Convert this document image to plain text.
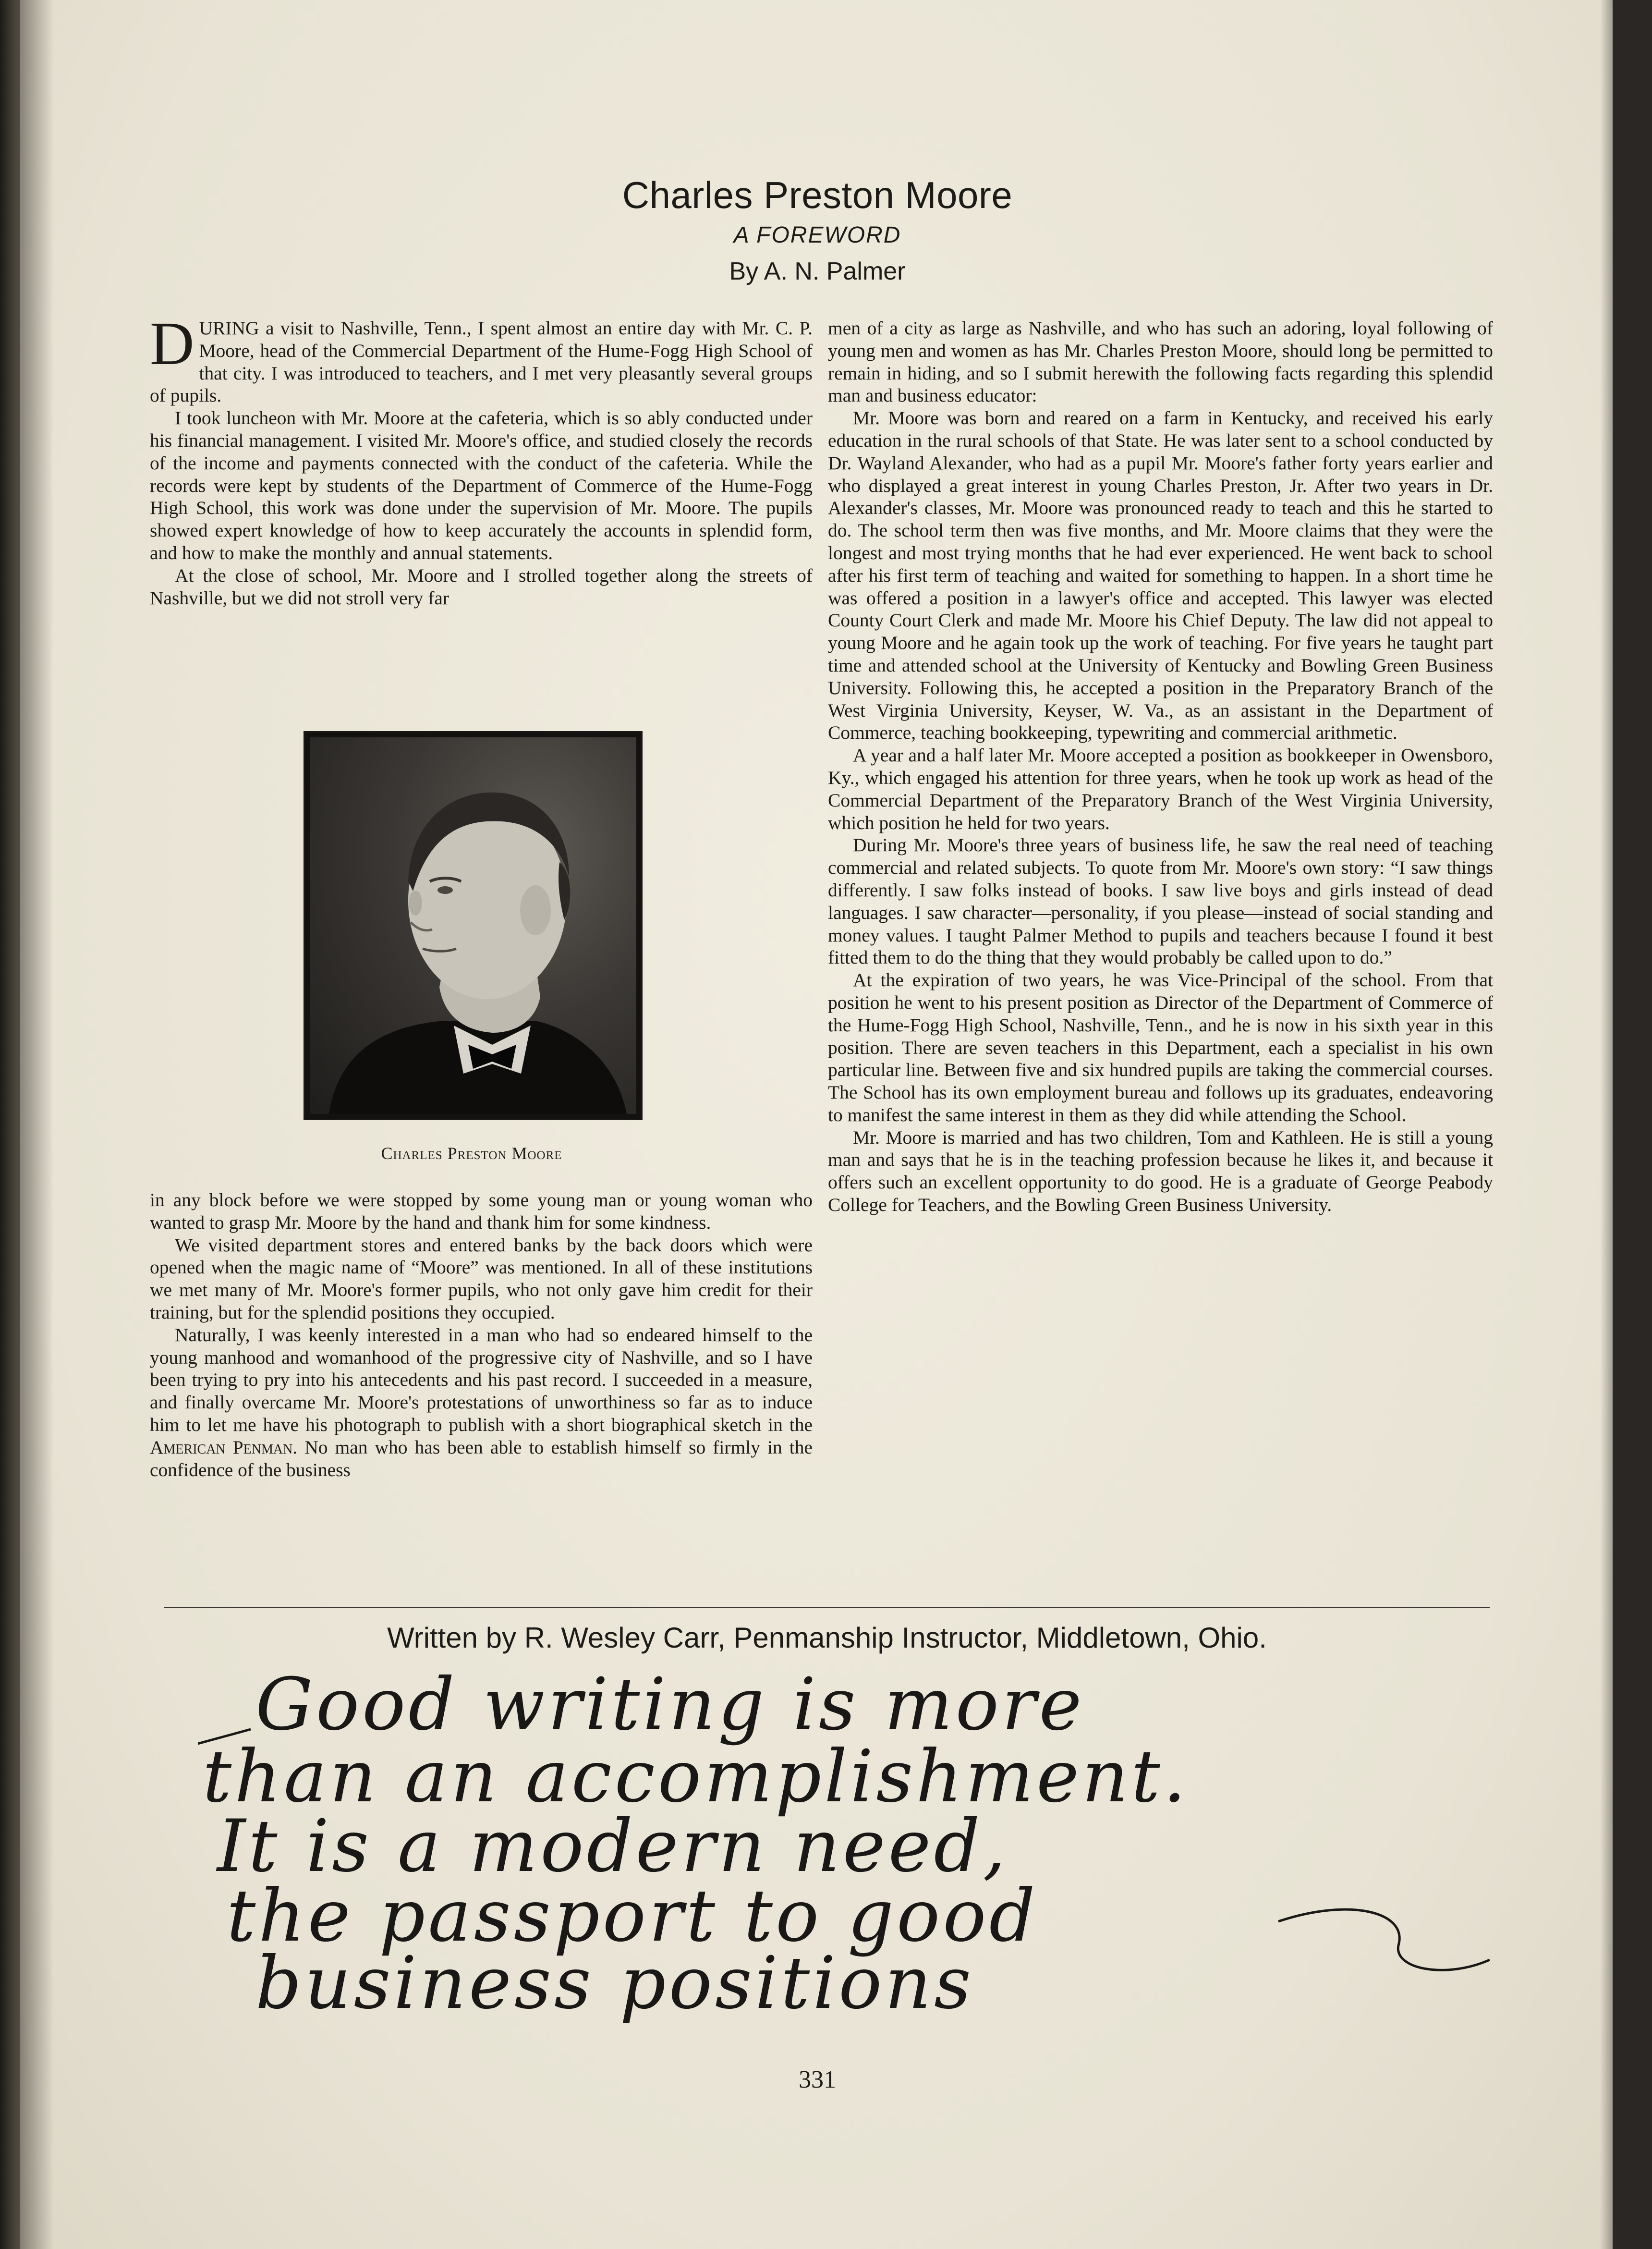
Charles Preston Moore
A FOREWORD
By A. N. Palmer

DURING a visit to Nashville, Tenn., I spent almost an entire day with Mr. C. P. Moore, head of the Commercial Department of the Hume-Fogg High School of that city. I was introduced to teachers, and I met very pleasantly several groups of pupils.

I took luncheon with Mr. Moore at the cafeteria, which is so ably conducted under his financial management. I visited Mr. Moore's office, and studied closely the records of the income and payments connected with the conduct of the cafeteria. While the records were kept by students of the Department of Commerce of the Hume-Fogg High School, this work was done under the supervision of Mr. Moore. The pupils showed expert knowledge of how to keep accurately the accounts in splendid form, and how to make the monthly and annual statements.

At the close of school, Mr. Moore and I strolled together along the streets of Nashville, but we did not stroll very far

Charles Preston Moore

in any block before we were stopped by some young man or young woman who wanted to grasp Mr. Moore by the hand and thank him for some kindness.

We visited department stores and entered banks by the back doors which were opened when the magic name of “Moore” was mentioned. In all of these institutions we met many of Mr. Moore's former pupils, who not only gave him credit for their training, but for the splendid positions they occupied.

Naturally, I was keenly interested in a man who had so endeared himself to the young manhood and womanhood of the progressive city of Nashville, and so I have been trying to pry into his antecedents and his past record. I succeeded in a measure, and finally overcame Mr. Moore's protestations of unworthiness so far as to induce him to let me have his photograph to publish with a short biographical sketch in the American Penman. No man who has been able to establish himself so firmly in the confidence of the business

men of a city as large as Nashville, and who has such an adoring, loyal following of young men and women as has Mr. Charles Preston Moore, should long be permitted to remain in hiding, and so I submit herewith the following facts regarding this splendid man and business educator:

Mr. Moore was born and reared on a farm in Kentucky, and received his early education in the rural schools of that State. He was later sent to a school conducted by Dr. Wayland Alexander, who had as a pupil Mr. Moore's father forty years earlier and who displayed a great interest in young Charles Preston, Jr. After two years in Dr. Alexander's classes, Mr. Moore was pronounced ready to teach and this he started to do. The school term then was five months, and Mr. Moore claims that they were the longest and most trying months that he had ever experienced. He went back to school after his first term of teaching and waited for something to happen. In a short time he was offered a position in a lawyer's office and accepted. This lawyer was elected County Court Clerk and made Mr. Moore his Chief Deputy. The law did not appeal to young Moore and he again took up the work of teaching. For five years he taught part time and attended school at the University of Kentucky and Bowling Green Business University. Following this, he accepted a position in the Preparatory Branch of the West Virginia University, Keyser, W. Va., as an assistant in the Department of Commerce, teaching bookkeeping, typewriting and commercial arithmetic.

A year and a half later Mr. Moore accepted a position as bookkeeper in Owensboro, Ky., which engaged his attention for three years, when he took up work as head of the Commercial Department of the Preparatory Branch of the West Virginia University, which position he held for two years.

During Mr. Moore's three years of business life, he saw the real need of teaching commercial and related subjects. To quote from Mr. Moore's own story: “I saw things differently. I saw folks instead of books. I saw live boys and girls instead of dead languages. I saw character—personality, if you please—instead of social standing and money values. I taught Palmer Method to pupils and teachers because I found it best fitted them to do the thing that they would probably be called upon to do.”

At the expiration of two years, he was Vice-Principal of the school. From that position he went to his present position as Director of the Department of Commerce of the Hume-Fogg High School, Nashville, Tenn., and he is now in his sixth year in this position. There are seven teachers in this Department, each a specialist in his own particular line. Between five and six hundred pupils are taking the commercial courses. The School has its own employment bureau and follows up its graduates, endeavoring to manifest the same interest in them as they did while attending the School.

Mr. Moore is married and has two children, Tom and Kathleen. He is still a young man and says that he is in the teaching profession because he likes it, and because it offers such an excellent opportunity to do good. He is a graduate of George Peabody College for Teachers, and the Bowling Green Business University.

Written by R. Wesley Carr, Penmanship Instructor, Middletown, Ohio.
Good writing is more
than an accomplishment.
It is a modern need,
the passport to good
business positions
331
